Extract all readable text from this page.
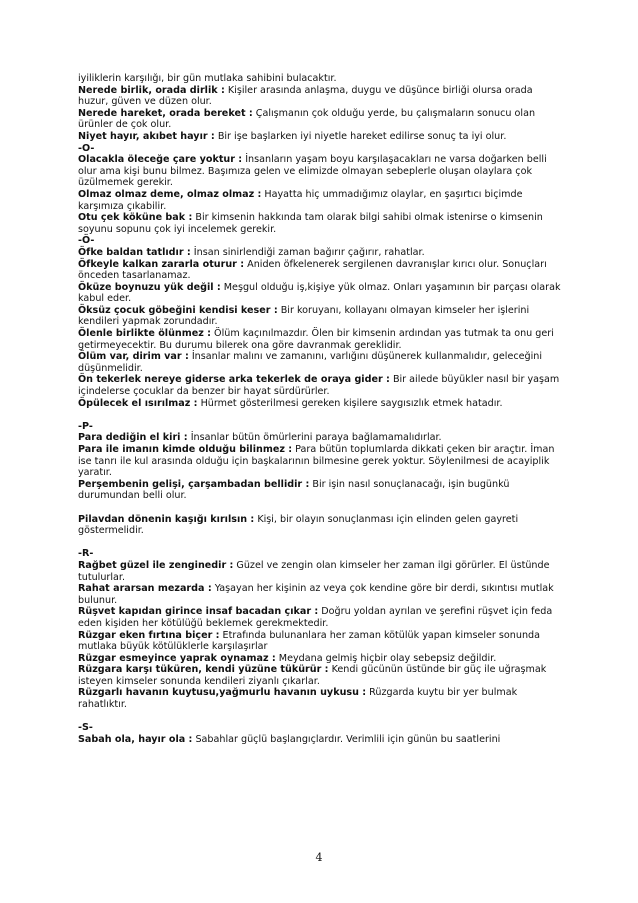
iyiliklerin karşılığı, bir gün mutlaka sahibini bulacaktır.

Nerede birlik, orada dirlik : Kişiler arasında anlaşma, duygu ve düşünce birliği olursa orada huzur, güven ve düzen olur.

Nerede hareket, orada bereket : Çalışmanın çok olduğu yerde, bu çalışmaların sonucu olan ürünler de çok olur.

Niyet hayır, akıbet hayır : Bir işe başlarken iyi niyetle hareket edilirse sonuç ta iyi olur.

-O-

Olacakla öleceğe çare yoktur : İnsanların yaşam boyu karşılaşacakları ne varsa doğarken belli olur ama kişi bunu bilmez. Başımıza gelen ve elimizde olmayan sebeplerle oluşan olaylara çok üzülmemek gerekir.

Olmaz olmaz deme, olmaz olmaz : Hayatta hiç ummadığımız olaylar, en şaşırtıcı biçimde karşımıza çıkabilir.

Otu çek köküne bak : Bir kimsenin hakkında tam olarak bilgi sahibi olmak istenirse o kimsenin soyunu sopunu çok iyi incelemek gerekir.

-Ö-

Öfke baldan tatlıdır : İnsan sinirlendiği zaman bağırır çağırır, rahatlar.

Öfkeyle kalkan zararla oturur : Aniden öfkelenerek sergilenen davranışlar kırıcı olur. Sonuçları önceden tasarlanamaz.

Öküze boynuzu yük değil : Meşgul olduğu iş,kişiye yük olmaz. Onları yaşamının bir parçası olarak kabul eder.

Öksüz çocuk göbeğini kendisi keser : Bir koruyanı, kollayanı olmayan kimseler her işlerini kendileri yapmak zorundadır.

Ölenle birlikte ölünmez : Ölüm kaçınılmazdır. Ölen bir kimsenin ardından yas tutmak ta onu geri getirmeyecektir. Bu durumu bilerek ona göre davranmak gereklidir.

Ölüm var, dirim var : İnsanlar malını ve zamanını, varlığını düşünerek kullanmalıdır, geleceğini düşünmelidir.

Ön tekerlek nereye giderse arka tekerlek de oraya gider : Bir ailede büyükler nasıl bir yaşam içindelerse çocuklar da benzer bir hayat sürdürürler.

Öpülecek el ısırılmaz : Hürmet gösterilmesi gereken kişilere saygısızlık etmek hatadır.

-P-

Para dediğin el kiri : İnsanlar bütün ömürlerini paraya bağlamamalıdırlar.

Para ile imanın kimde olduğu bilinmez : Para bütün toplumlarda dikkati çeken bir araçtır. İman ise tanrı ile kul arasında olduğu için başkalarının bilmesine gerek yoktur. Söylenilmesi de acayiplik yaratır.

Perşembenin gelişi, çarşambadan bellidir : Bir işin nasıl sonuçlanacağı, işin bugünkü durumundan belli olur.

Pilavdan dönenin kaşığı kırılsın : Kişi, bir olayın sonuçlanması için elinden gelen gayreti göstermelidir.

-R-

Rağbet güzel ile zenginedir : Güzel ve zengin olan kimseler her zaman ilgi görürler. El üstünde tutulurlar.

Rahat ararsan mezarda : Yaşayan her kişinin az veya çok kendine göre bir derdi, sıkıntısı mutlak bulunur.

Rüşvet kapıdan girince insaf bacadan çıkar : Doğru yoldan ayrılan ve şerefini rüşvet için feda eden kişiden her kötülüğü beklemek gerekmektedir.

Rüzgar eken fırtına biçer : Etrafında bulunanlara her zaman kötülük yapan kimseler sonunda mutlaka büyük kötülüklerle karşılaşırlar

Rüzgar esmeyince yaprak oynamaz : Meydana gelmiş hiçbir olay sebepsiz değildir.

Rüzgara karşı tüküren, kendi yüzüne tükürür : Kendi gücünün üstünde bir güç ile uğraşmak isteyen kimseler sonunda kendileri ziyanlı çıkarlar.

Rüzgarlı havanın kuytusu,yağmurlu havanın uykusu : Rüzgarda kuytu bir yer bulmak rahatlıktır.

-S-

Sabah ola, hayır ola : Sabahlar güçlü başlangıçlardır. Verimlili için günün bu saatlerini

4
